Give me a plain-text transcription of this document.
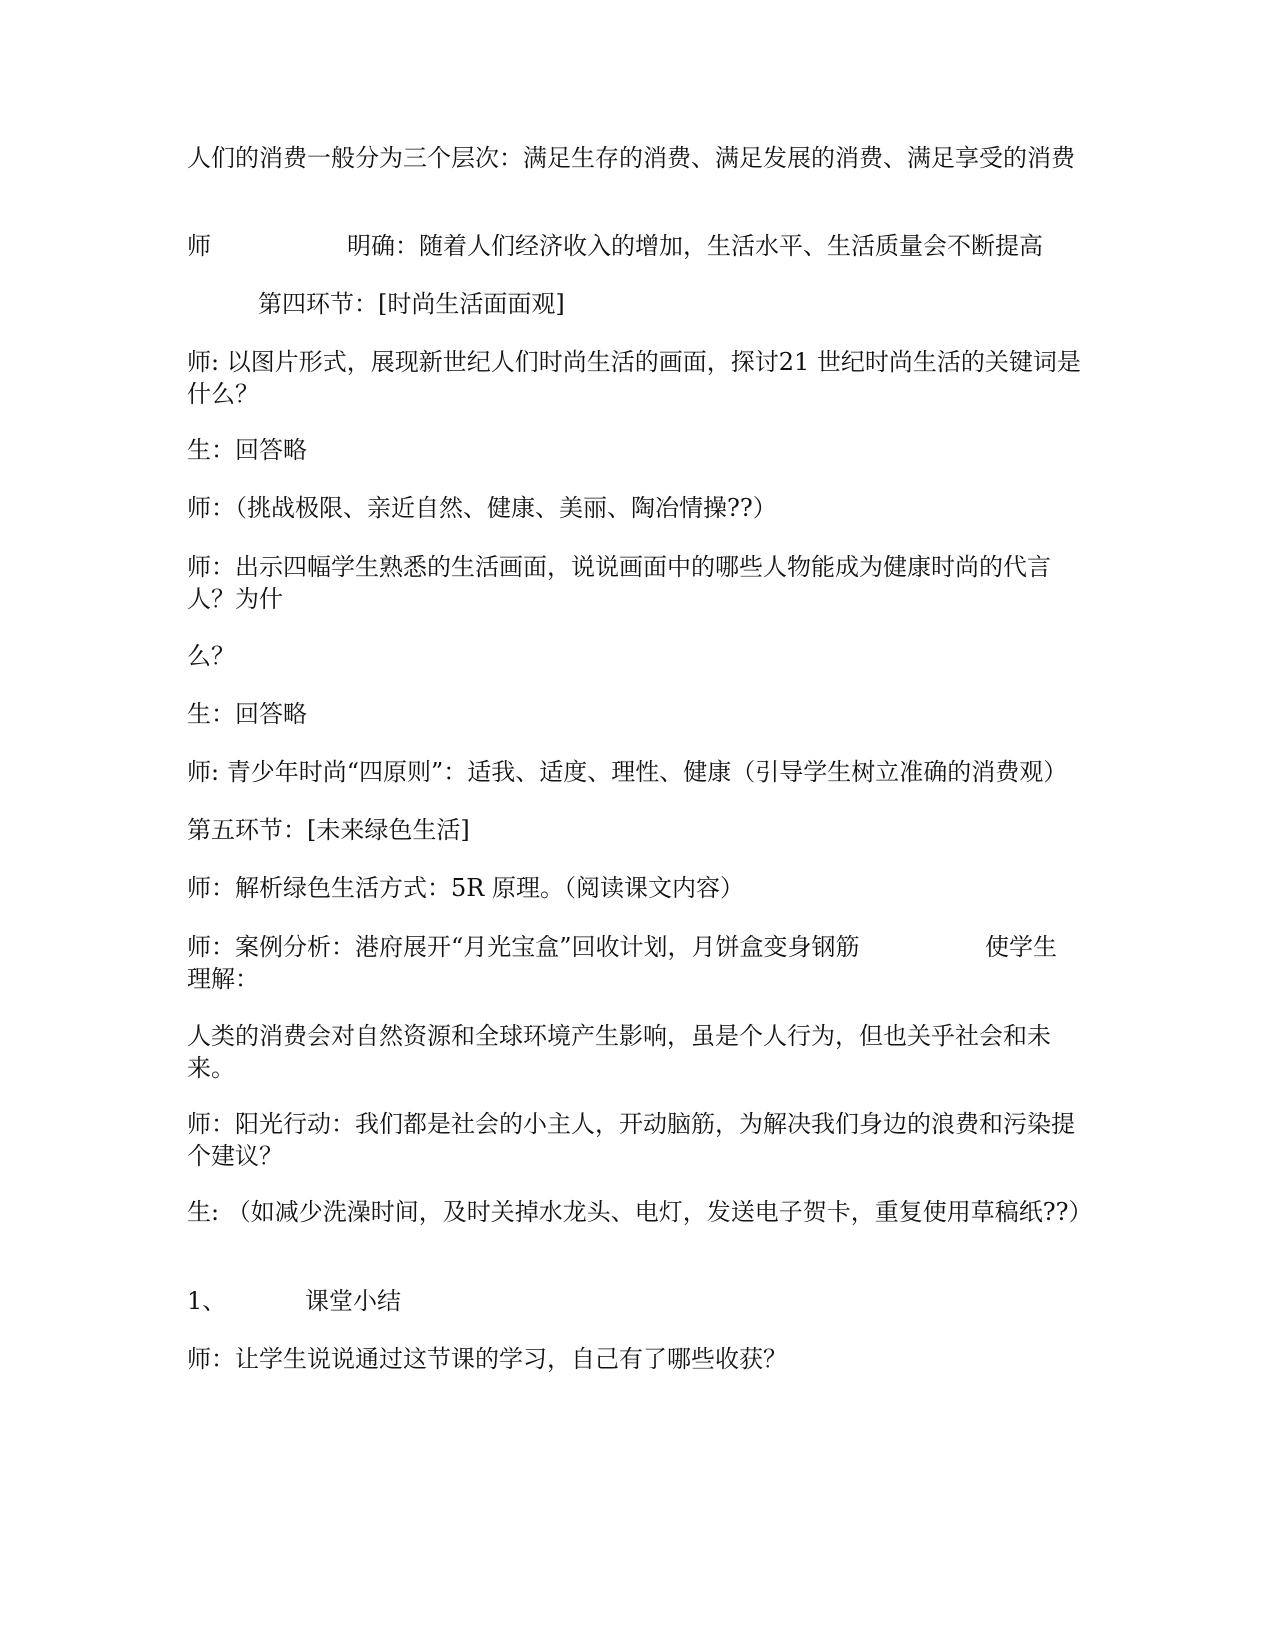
人们的消费一般分为三个层次：满足生存的消费、满足发展的消费、满足享受的消费

师	明确：随着人们经济收入的增加，生活水平、生活质量会不断提高

第四环节：[时尚生活面面观]

师: 以图片形式，展现新世纪人们时尚生活的画面，探讨21 世纪时尚生活的关键词是什么？

生：回答略

师：（挑战极限、亲近自然、健康、美丽、陶冶情操??）

师：出示四幅学生熟悉的生活画面，说说画面中的哪些人物能成为健康时尚的代言人？为什

么？

生：回答略

师: 青少年时尚“四原则”：适我、适度、理性、健康（引导学生树立准确的消费观）

第五环节：[未来绿色生活]

师：解析绿色生活方式：5R 原理。（阅读课文内容）

师：案例分析：港府展开“月光宝盒”回收计划，月饼盒变身钢筋	使学生
理解：

人类的消费会对自然资源和全球环境产生影响，虽是个人行为，但也关乎社会和未来。

师：阳光行动：我们都是社会的小主人，开动脑筋，为解决我们身边的浪费和污染提个建议？

生: （如减少洗澡时间，及时关掉水龙头、电灯，发送电子贺卡，重复使用草稿纸??）

1、	课堂小结

师：让学生说说通过这节课的学习，自己有了哪些收获？
